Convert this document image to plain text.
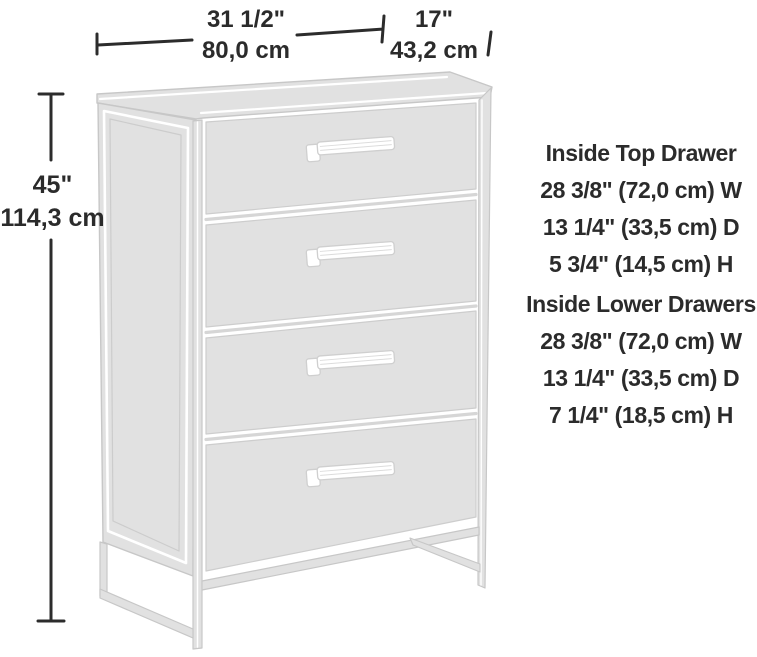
31 1/2"
80,0 cm
17"
43,2 cm
45"
114,3 cm
Inside Top Drawer
28 3/8" (72,0 cm) W
13 1/4" (33,5 cm) D
5 3/4" (14,5 cm) H
Inside Lower Drawers
28 3/8" (72,0 cm) W
13 1/4" (33,5 cm) D
7 1/4" (18,5 cm) H
